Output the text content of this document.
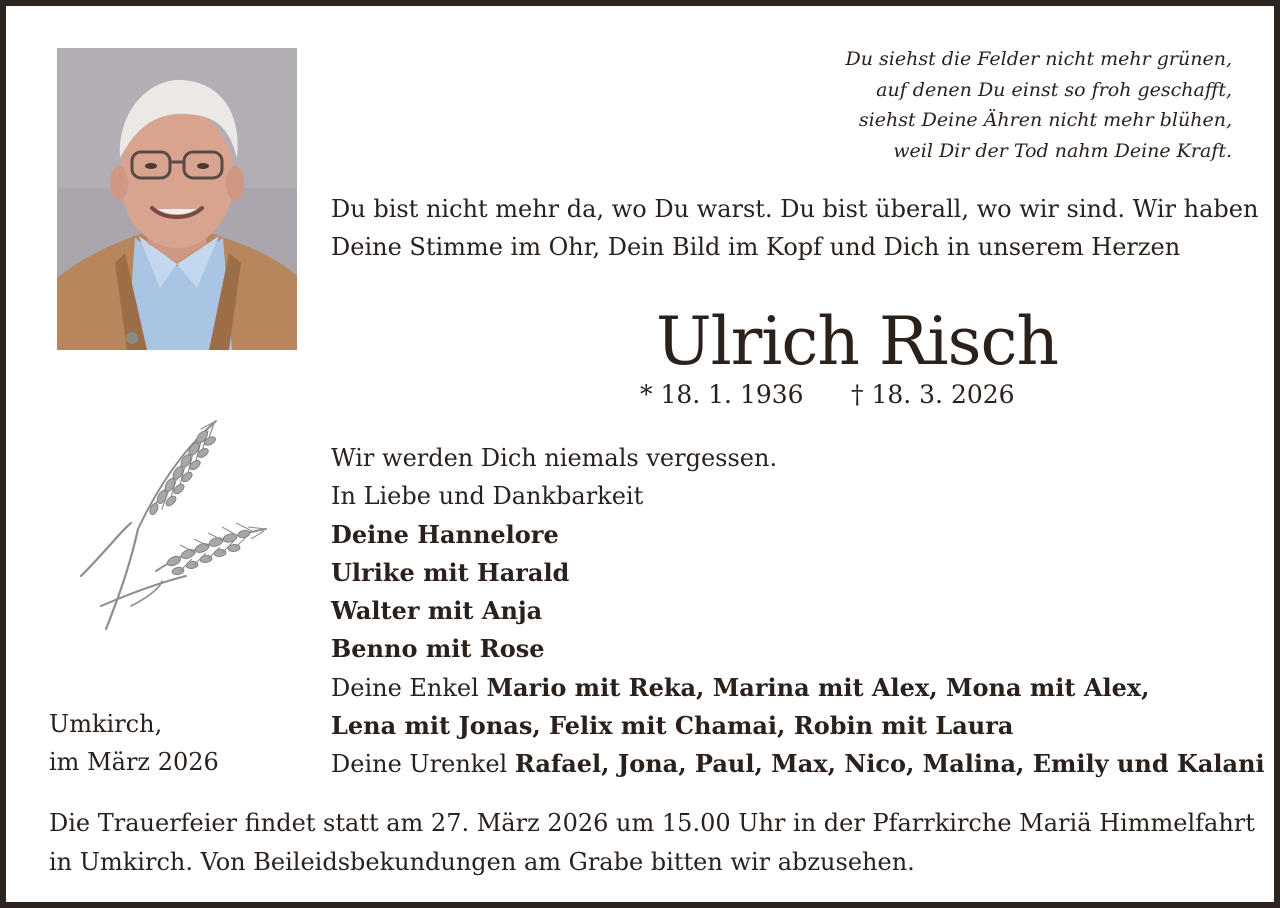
Du siehst die Felder nicht mehr grünen,
auf denen Du einst so froh geschafft,
siehst Deine Ähren nicht mehr blühen,
weil Dir der Tod nahm Deine Kraft.
Du bist nicht mehr da, wo Du warst. Du bist überall, wo wir sind. Wir haben
Deine Stimme im Ohr, Dein Bild im Kopf und Dich in unserem Herzen
Ulrich Risch
* 18. 1. 1936 † 18. 3. 2026
Wir werden Dich niemals vergessen.
In Liebe und Dankbarkeit
Deine Hannelore
Ulrike mit Harald
Walter mit Anja
Benno mit Rose
Deine Enkel Mario mit Reka, Marina mit Alex, Mona mit Alex,
Lena mit Jonas, Felix mit Chamai, Robin mit Laura
Deine Urenkel Rafael, Jona, Paul, Max, Nico, Malina, Emily und Kalani
Umkirch,
im März 2026
Die Trauerfeier findet statt am 27. März 2026 um 15.00 Uhr in der Pfarrkirche Mariä Himmelfahrt
in Umkirch. Von Beileidsbekundungen am Grabe bitten wir abzusehen.
